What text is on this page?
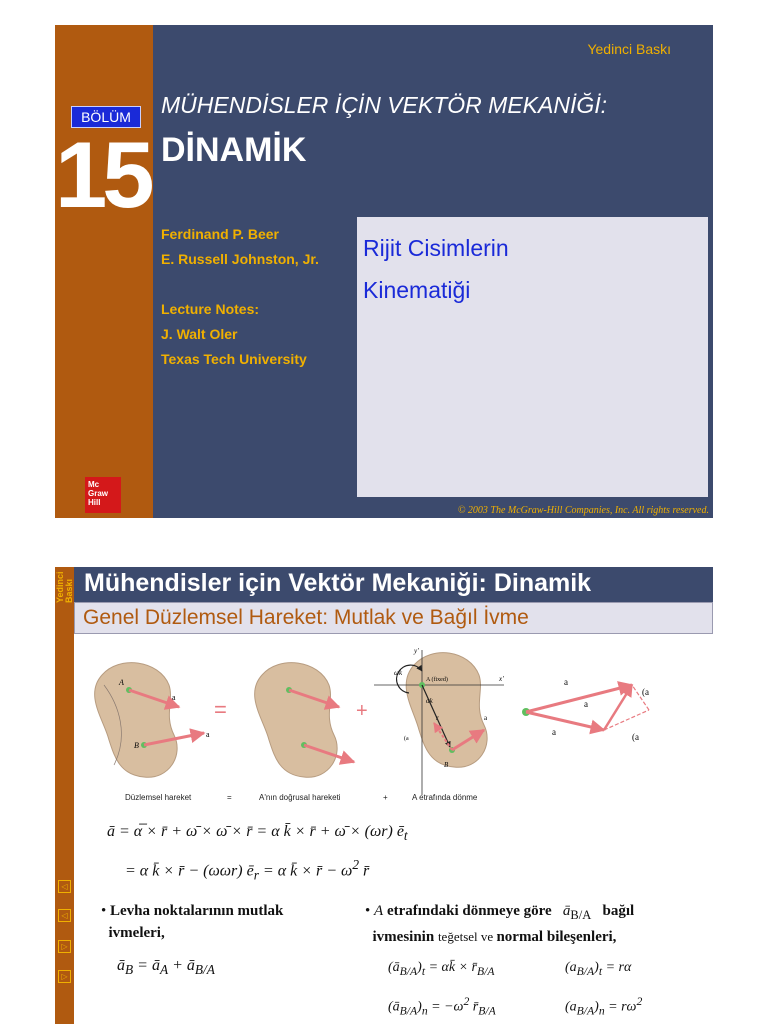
Yedinci Baskı
BÖLÜM
15
MÜHENDİSLER İÇİN VEKTÖR MEKANİĞİ:
DİNAMİK
Ferdinand P. Beer
E. Russell Johnston, Jr.
Lecture Notes:
J. Walt Oler
Texas Tech University
Rijit Cisimlerin
Kinematiği
Mc
Graw
Hill
© 2003 The McGraw-Hill Companies, Inc. All rights reserved.
Yedinci Baskı
◁
◁
▷
▷
Mühendisler için Vektör Mekaniği: Dinamik
Genel Düzlemsel Hareket: Mutlak ve Bağıl İvme
A
B
a
a
=	+
y'
x'
A (fixed)
ωk
αk
r	a
(a
B
a
a
a
(a
(a
Düzlemsel hareket	=	A'nın doğrusal hareketi	+	A etrafında dönme
ā = α̅ × r̄ + ω̄ × ω̄ × r̄ = α k̄ × r̄ + ω̄ × (ωr) $ē_t$
= α k̄ × r̄ − (ωωr) $ē_r = \alpha$ k̄ × r̄ − $\omega^2$ r̄
• Levha noktalarının mutlak
ivmeleri,
$ā_B$ = $ā_A$ + $ā_{B/A}$
• A etrafındaki dönmeye göre $ā_{B/A}$ bağıl
ivmesinin teğetsel ve normal bileşenleri,
$(ā_{B/A})_t$ = αk̄ × $r̄_{B/A}$	$(a_{B/A})_t = r\alpha$
$(ā_{B/A})_n = -\omega^2$ $r̄_{B/A}$	$(a_{B/A})_n = r\omega^2$
